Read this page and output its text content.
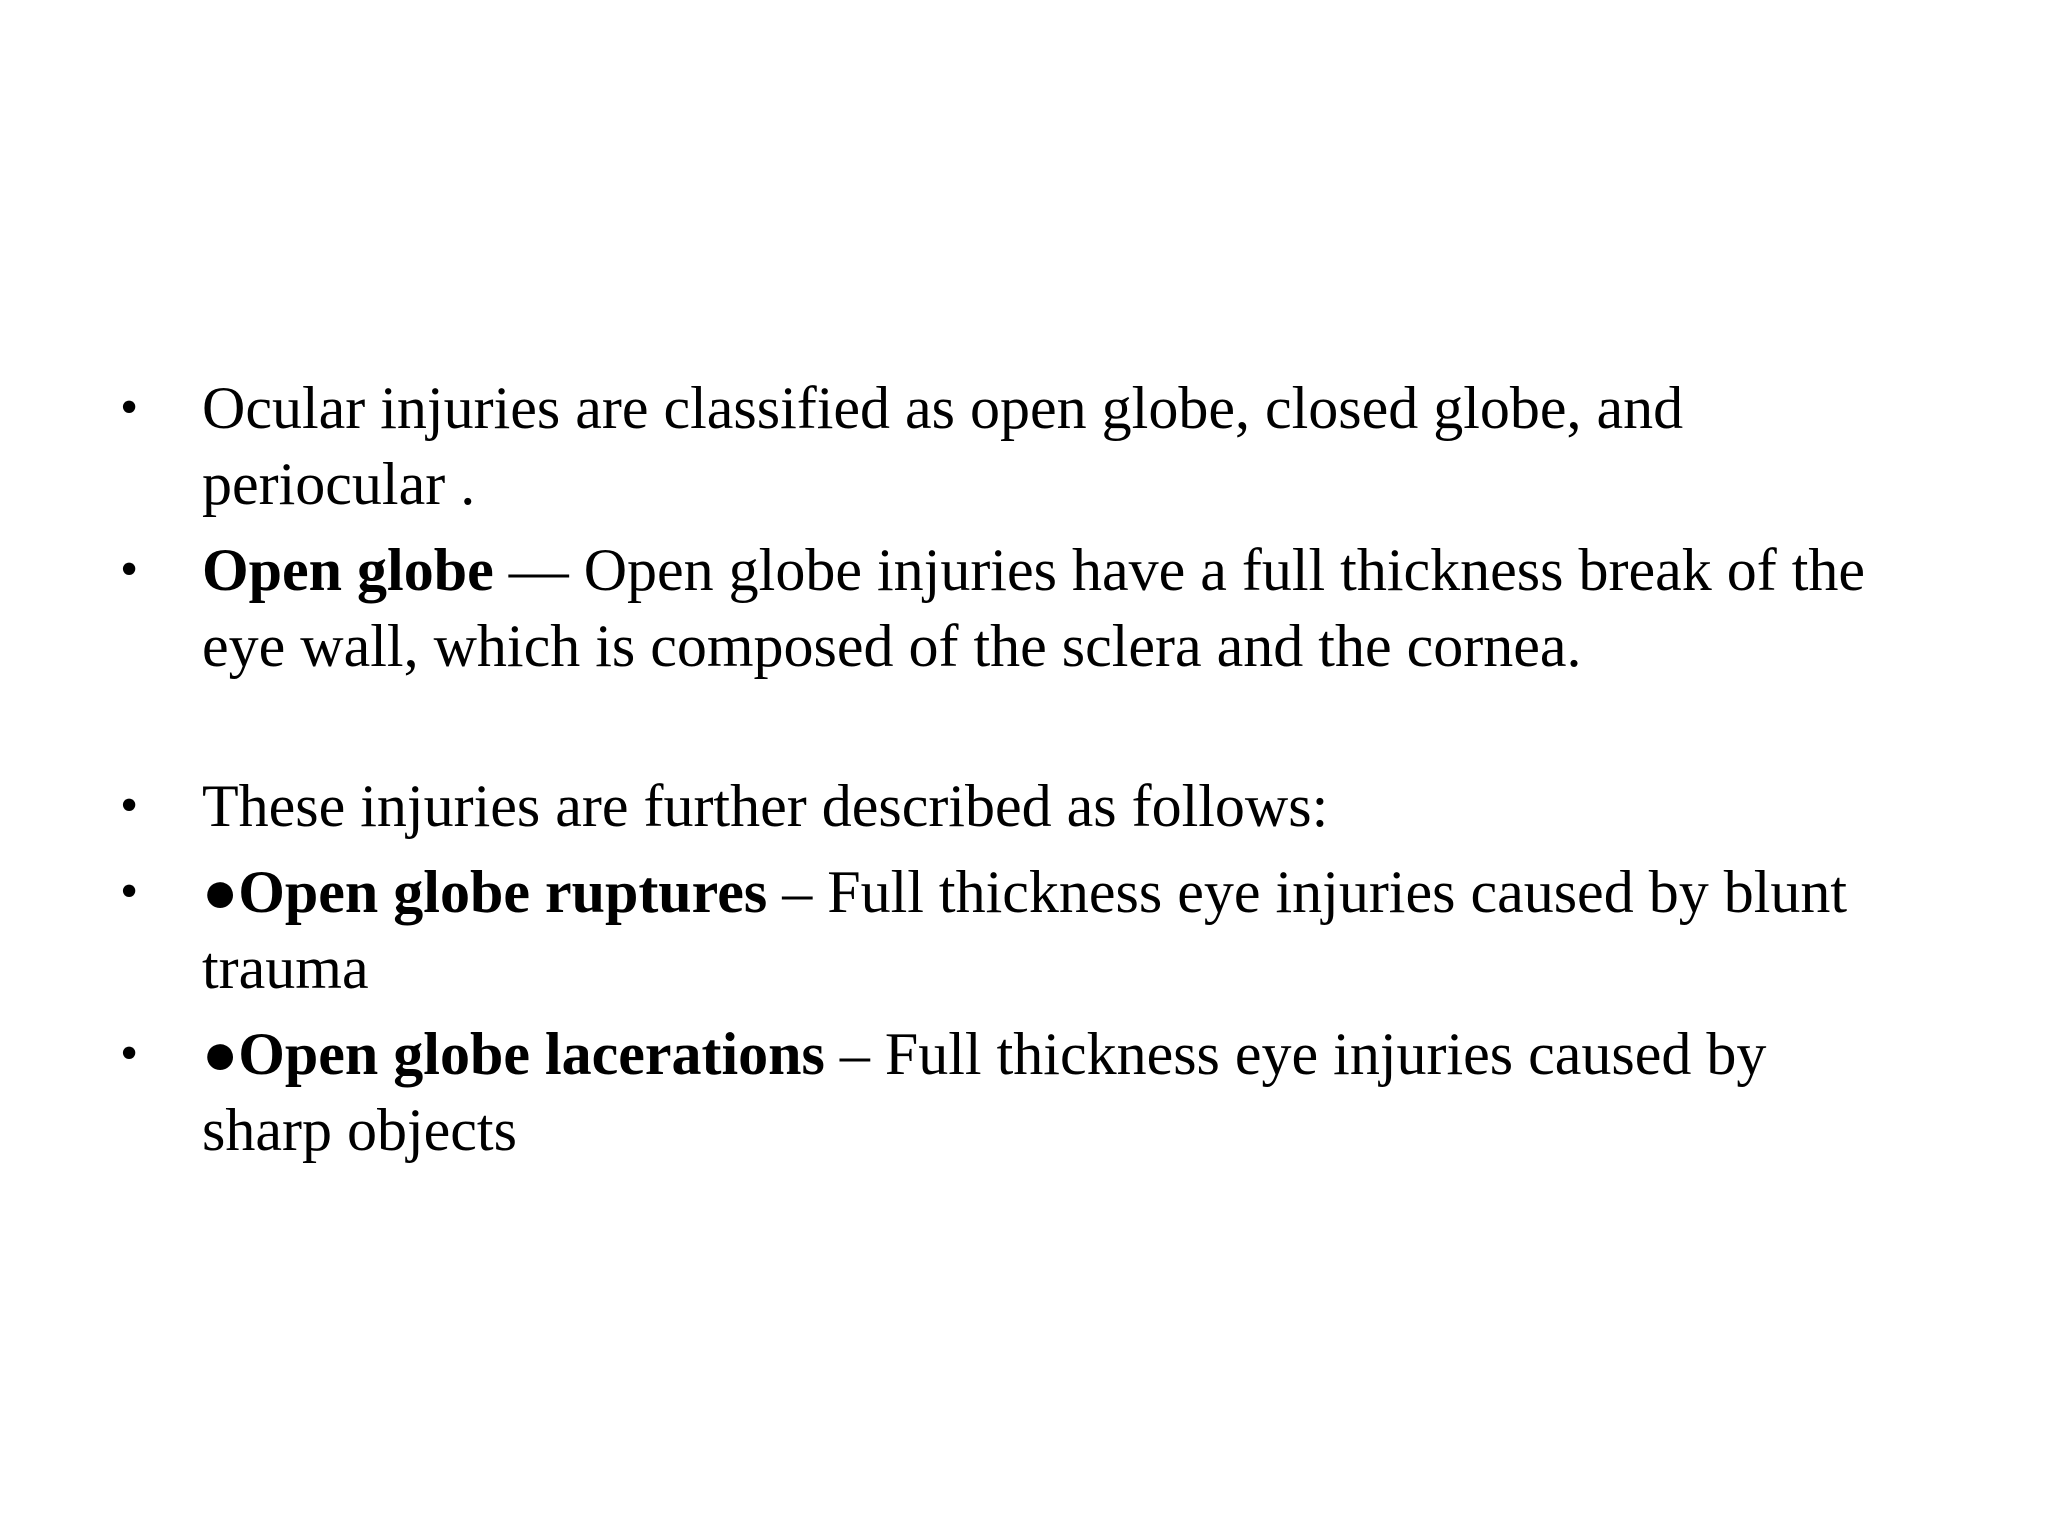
• Ocular injuries are classified as open globe, closed globe, and periocular .
• Open globe — Open globe injuries have a full thickness break of the eye wall, which is composed of the sclera and the cornea.
• These injuries are further described as follows:
• ●Open globe ruptures – Full thickness eye injuries caused by blunt trauma
• ●Open globe lacerations – Full thickness eye injuries caused by sharp objects
